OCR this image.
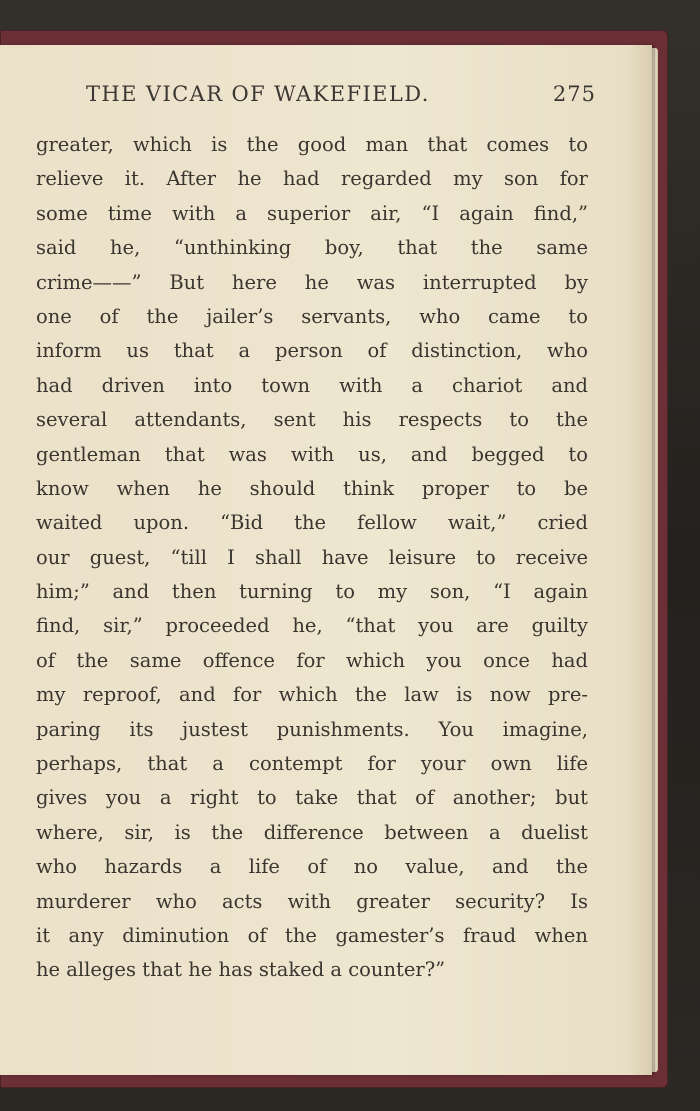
THE VICAR OF WAKEFIELD.	275
greater, which is the good man that comes to
relieve it. After he had regarded my son for
some time with a superior air, “I again find,”
said he, “unthinking boy, that the same
crime——” But here he was interrupted by
one of the jailer’s servants, who came to
inform us that a person of distinction, who
had driven into town with a chariot and
several attendants, sent his respects to the
gentleman that was with us, and begged to
know when he should think proper to be
waited upon. “Bid the fellow wait,” cried
our guest, “till I shall have leisure to receive
him;” and then turning to my son, “I again
find, sir,” proceeded he, “that you are guilty
of the same offence for which you once had
my reproof, and for which the law is now pre-
paring its justest punishments. You imagine,
perhaps, that a contempt for your own life
gives you a right to take that of another; but
where, sir, is the difference between a duelist
who hazards a life of no value, and the
murderer who acts with greater security? Is
it any diminution of the gamester’s fraud when
he alleges that he has staked a counter?”
